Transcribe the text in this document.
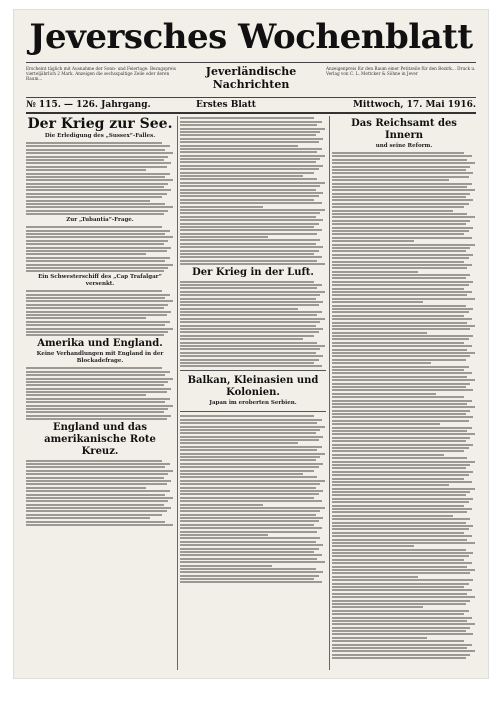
Jeversches Wochenblatt
Erscheint täglich mit Ausnahme der Sonn- und Feiertage. Bezugspreis vierteljährlich 2 Mark. Anzeigen die sechsspaltige Zeile oder deren Raum...
Jeverländische Nachrichten
Anzeigenpreis für den Raum einer Petitzeile für den Bezirk... Druck u. Verlag von C. L. Mettcker & Söhne in Jever
№ 115. — 126. Jahrgang.	Erstes Blatt	Mittwoch, 17. Mai 1916.
Der Krieg zur See.
Die Erledigung des „Sussex“-Falles.
Zur „Tubantia“-Frage.
Ein Schwesterschiff des „Cap Trafalgar“ versenkt.
Amerika und England.
Keine Verhandlungen mit England in der Blockadefrage.
England und das amerikanische Rote Kreuz.
Der Krieg in der Luft.
Balkan, Kleinasien und Kolonien.
Japan im eroberten Serbien.
Das Reichsamt des Innern
und seine Reform.
